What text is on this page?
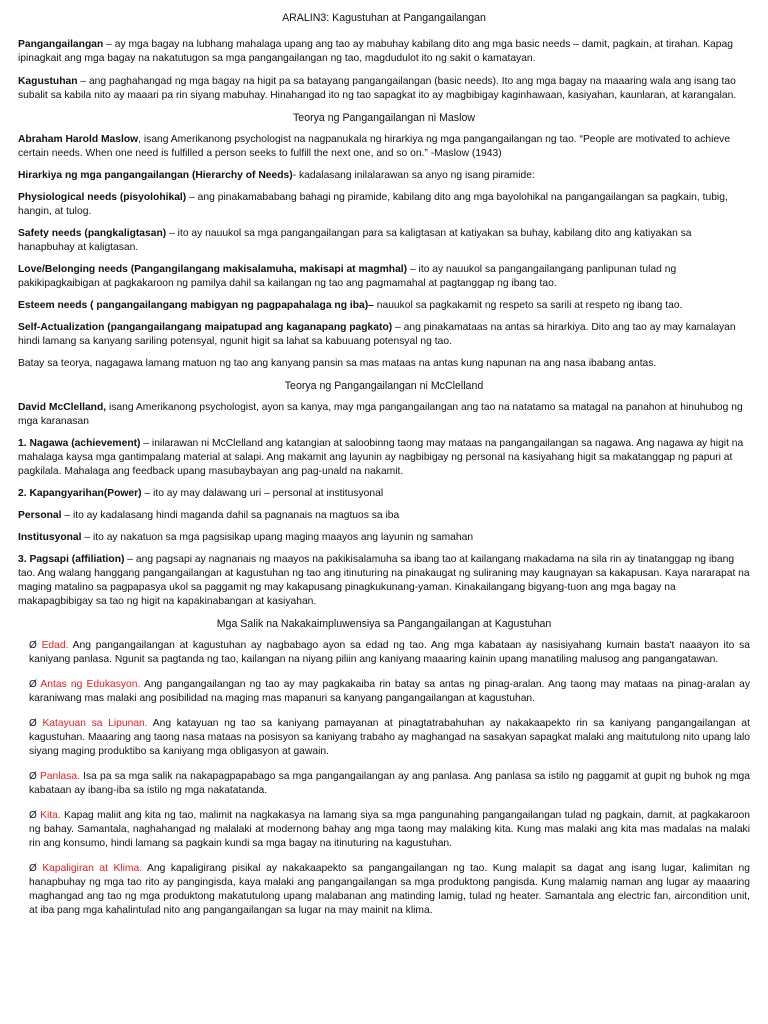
ARALIN3: Kagustuhan at Pangangailangan

Pangangailangan – ay mga bagay na lubhang mahalaga upang ang tao ay mabuhay kabilang dito ang mga basic needs – damit, pagkain, at tirahan. Kapag ipinagkait ang mga bagay na nakatutugon sa mga pangangailangan ng tao, magdudulot ito ng sakit o kamatayan.

Kagustuhan – ang paghahangad ng mga bagay na higit pa sa batayang pangangailangan (basic needs). Ito ang mga bagay na maaaring wala ang isang tao subalit sa kabila nito ay maaari pa rin siyang mabuhay. Hinahangad ito ng tao sapagkat ito ay magbibigay kaginhawaan, kasiyahan, kaunlaran, at karangalan.

Teorya ng Pangangailangan ni Maslow

Abraham Harold Maslow, isang Amerikanong psychologist na nagpanukala ng hirarkiya ng mga pangangailangan ng tao. “People are motivated to achieve certain needs. When one need is fulfilled a person seeks to fulfill the next one, and so on.” -Maslow (1943)

Hirarkiya ng mga pangangailangan (Hierarchy of Needs)- kadalasang inilalarawan sa anyo ng isang piramide:

Physiological needs (pisyolohikal) – ang pinakamababang bahagi ng piramide, kabilang dito ang mga bayolohikal na pangangailangan sa pagkain, tubig, hangin, at tulog.

Safety needs (pangkaligtasan) – ito ay nauukol sa mga pangangailangan para sa kaligtasan at katiyakan sa buhay, kabilang dito ang katiyakan sa hanapbuhay at kaligtasan.

Love/Belonging needs (Pangangilangang makisalamuha, makisapi at magmhal) – ito ay nauukol sa pangangailangang panlipunan tulad ng pakikipagkaibigan at pagkakaroon ng pamilya dahil sa kailangan ng tao ang pagmamahal at pagtanggap ng ibang tao.

Esteem needs ( pangangailangang mabigyan ng pagpapahalaga ng iba)– nauukol sa pagkakamit ng respeto sa sarili at respeto ng ibang tao.

Self-Actualization (pangangailangang maipatupad ang kaganapang pagkato) – ang pinakamataas na antas sa hirarkiya. Dito ang tao ay may kamalayan hindi lamang sa kanyang sariling potensyal, ngunit higit sa lahat sa kabuuang potensyal ng tao.

Batay sa teorya, nagagawa lamang matuon ng tao ang kanyang pansin sa mas mataas na antas kung napunan na ang nasa ibabang antas.

Teorya ng Pangangailangan ni McClelland

David McClelland, isang Amerikanong psychologist, ayon sa kanya, may mga pangangailangan ang tao na natatamo sa matagal na panahon at hinuhubog ng mga karanasan

1. Nagawa (achievement) – inilarawan ni McClelland ang katangian at saloobinng taong may mataas na pangangailangan sa nagawa. Ang nagawa ay higit na mahalaga kaysa mga gantimpalang material at salapi. Ang makamit ang layunin ay nagbibigay ng personal na kasiyahang higit sa makatanggap ng papuri at pagkilala. Mahalaga ang feedback upang masubaybayan ang pag-unald na nakamit.

2. Kapangyarihan(Power) – ito ay may dalawang uri – personal at institusyonal

Personal – ito ay kadalasang hindi maganda dahil sa pagnanais na magtuos sa iba

Institusyonal – ito ay nakatuon sa mga pagsisikap upang maging maayos ang layunin ng samahan

3. Pagsapi (affiliation) – ang pagsapi ay nagnanais ng maayos na pakikisalamuha sa ibang tao at kailangang makadama na sila rin ay tinatanggap ng ibang tao. Ang walang hanggang pangangailangan at kagustuhan ng tao ang itinuturing na pinakaugat ng suliraning may kaugnayan sa kakapusan. Kaya nararapat na maging matalino sa pagpapasya ukol sa paggamit ng may kakapusang pinagkukunang-yaman. Kinakailangang bigyang-tuon ang mga bagay na makapagbibigay sa tao ng higit na kapakinabangan at kasiyahan.

Mga Salik na Nakakaimpluwensiya sa Pangangailangan at Kagustuhan

Ø Edad. Ang pangangailangan at kagustuhan ay nagbabago ayon sa edad ng tao. Ang mga kabataan ay nasisiyahang kumain basta't naaayon ito sa kaniyang panlasa. Ngunit sa pagtanda ng tao, kailangan na niyang piliin ang kaniyang maaaring kainin upang manatiling malusog ang pangangatawan.

Ø Antas ng Edukasyon. Ang pangangailangan ng tao ay may pagkakaiba rin batay sa antas ng pinag-aralan. Ang taong may mataas na pinag-aralan ay karaniwang mas malaki ang posibilidad na maging mas mapanuri sa kanyang pangangailangan at kagustuhan.

Ø Katayuan sa Lipunan. Ang katayuan ng tao sa kaniyang pamayanan at pinagtatrabahuhan ay nakakaapekto rin sa kaniyang pangangailangan at kagustuhan. Maaaring ang taong nasa mataas na posisyon sa kaniyang trabaho ay maghangad na sasakyan sapagkat malaki ang maitutulong nito upang lalo siyang maging produktibo sa kaniyang mga obligasyon at gawain.

Ø Panlasa. Isa pa sa mga salik na nakapagpapabago sa mga pangangailangan ay ang panlasa. Ang panlasa sa istilo ng paggamit at gupit ng buhok ng mga kabataan ay ibang-iba sa istilo ng mga nakatatanda.

Ø Kita. Kapag maliit ang kita ng tao, malimit na nagkakasya na lamang siya sa mga pangunahing pangangailangan tulad ng pagkain, damit, at pagkakaroon ng bahay. Samantala, naghahangad ng malalaki at modernong bahay ang mga taong may malaking kita. Kung mas malaki ang kita mas madalas na malaki rin ang konsumo, hindi lamang sa pagkain kundi sa mga bagay na itinuturing na kagustuhan.

Ø Kapaligiran at Klima. Ang kapaligirang pisikal ay nakakaapekto sa pangangailangan ng tao. Kung malapit sa dagat ang isang lugar, kalimitan ng hanapbuhay ng mga tao rito ay pangingisda, kaya malaki ang pangangailangan sa mga produktong pangisda. Kung malamig naman ang lugar ay maaaring maghangad ang tao ng mga produktong makatutulong upang malabanan ang matinding lamig, tulad ng heater. Samantala ang electric fan, aircondition unit, at iba pang mga kahalintulad nito ang pangangailangan sa lugar na may mainit na klima.
